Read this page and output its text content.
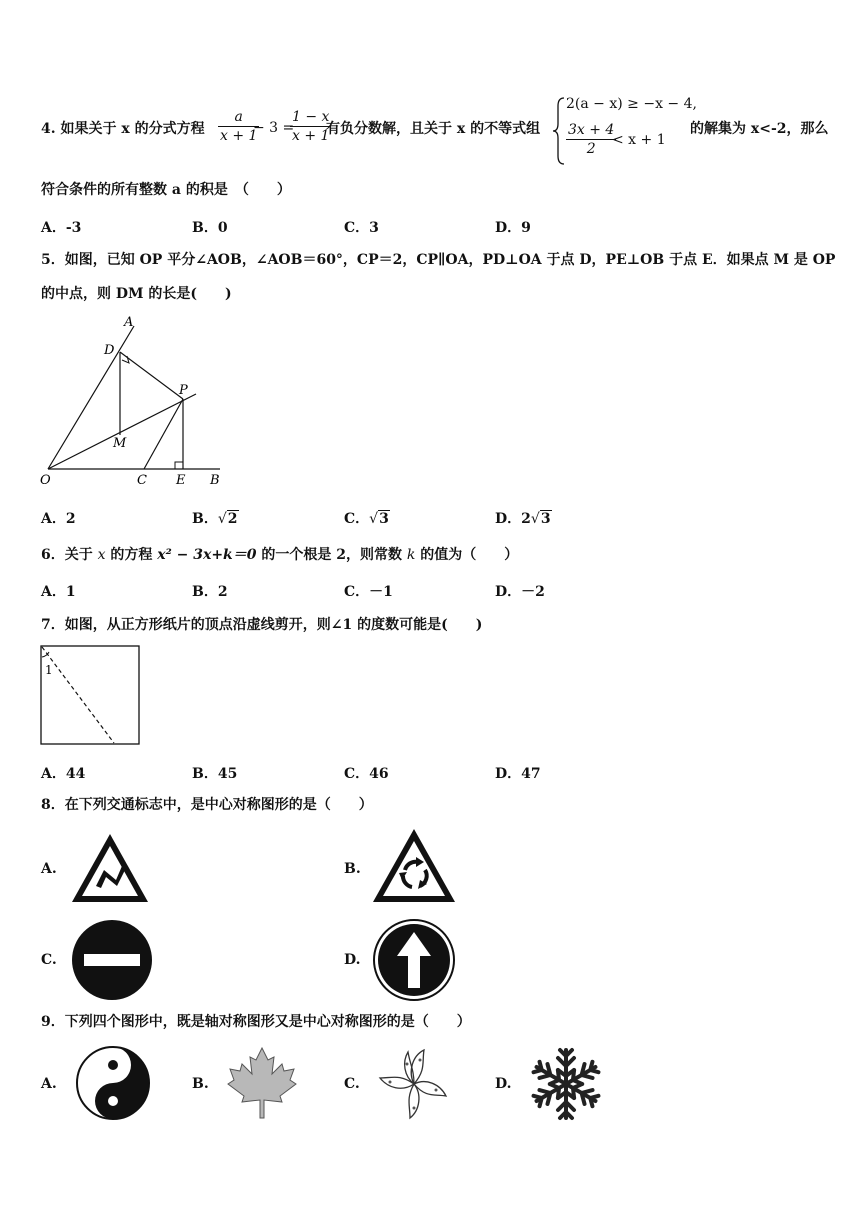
4. 如果关于 x 的分式方程 $\frac{a}{x + 1}$
− 3 =
$\frac{1 - x}{x + 1}$
有负分数解，且关于 x 的不等式组
2(a − x) ≥ −x − 4,
$\frac{3x + 4}{2}$
< x + 1
的解集为 x<-2，那么
符合条件的所有整数 a 的积是　（　　）
A．-3	B．0	C．3	D．9
5．如图，已知 OP 平分∠AOB，∠AOB＝60°，CP＝2，CP∥OA，PD⊥OA 于点 D，PE⊥OB 于点 E．如果点 M 是 OP
的中点，则 DM 的长是(　　)
A
D
P
M
O	C E B
A．2	B．√2	C．√3	D．2√3
6．关于 x 的方程 x² − 3x+k＝0 的一个根是 2，则常数 k 的值为（　　）
A．1	B．2	C．－1	D．－2
7．如图，从正方形纸片的顶点沿虚线剪开，则∠1 的度数可能是(　　)
1
A．44	B．45	C．46	D．47
8．在下列交通标志中，是中心对称图形的是（　　）
A.	B.
C.	D.
9．下列四个图形中，既是轴对称图形又是中心对称图形的是（　　）
A.	B.	C.	D.
